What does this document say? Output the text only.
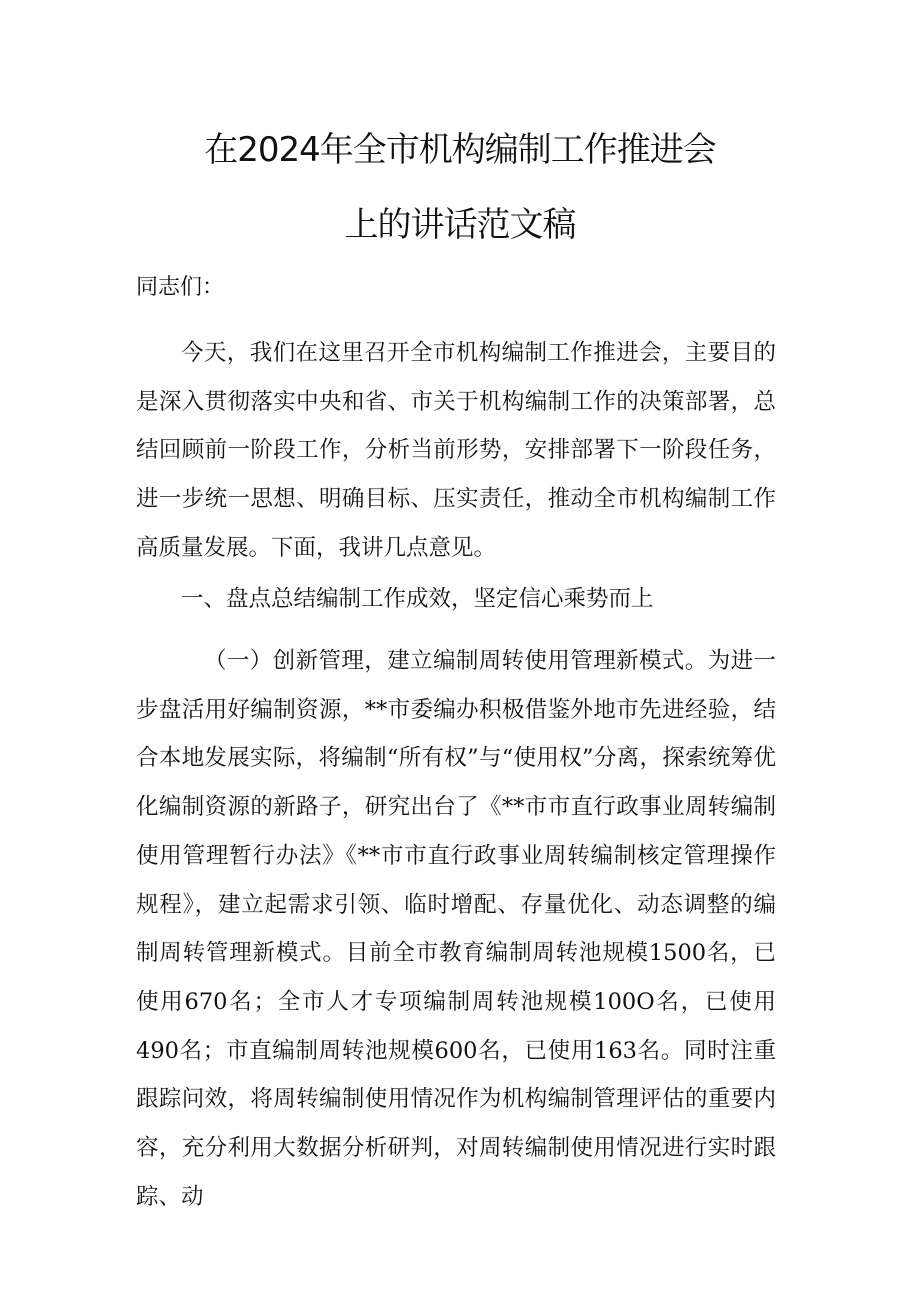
在2024年全市机构编制工作推进会
上的讲话范文稿
同志们：

今天，我们在这里召开全市机构编制工作推进会，主要目的是深入贯彻落实中央和省、市关于机构编制工作的决策部署，总结回顾前一阶段工作，分析当前形势，安排部署下一阶段任务，进一步统一思想、明确目标、压实责任，推动全市机构编制工作高质量发展。下面，我讲几点意见。

一、盘点总结编制工作成效，坚定信心乘势而上

（一）创新管理，建立编制周转使用管理新模式。为进一步盘活用好编制资源，**市委编办积极借鉴外地市先进经验，结合本地发展实际，将编制“所有权”与“使用权”分离，探索统筹优化编制资源的新路子，研究出台了《**市市直行政事业周转编制使用管理暂行办法》《**市市直行政事业周转编制核定管理操作规程》，建立起需求引领、临时增配、存量优化、动态调整的编制周转管理新模式。目前全市教育编制周转池规模1500名，已使用670名；全市人才专项编制周转池规模100O名，已使用490名；市直编制周转池规模600名，已使用163名。同时注重跟踪问效，将周转编制使用情况作为机构编制管理评估的重要内容，充分利用大数据分析研判，对周转编制使用情况进行实时跟踪、动
